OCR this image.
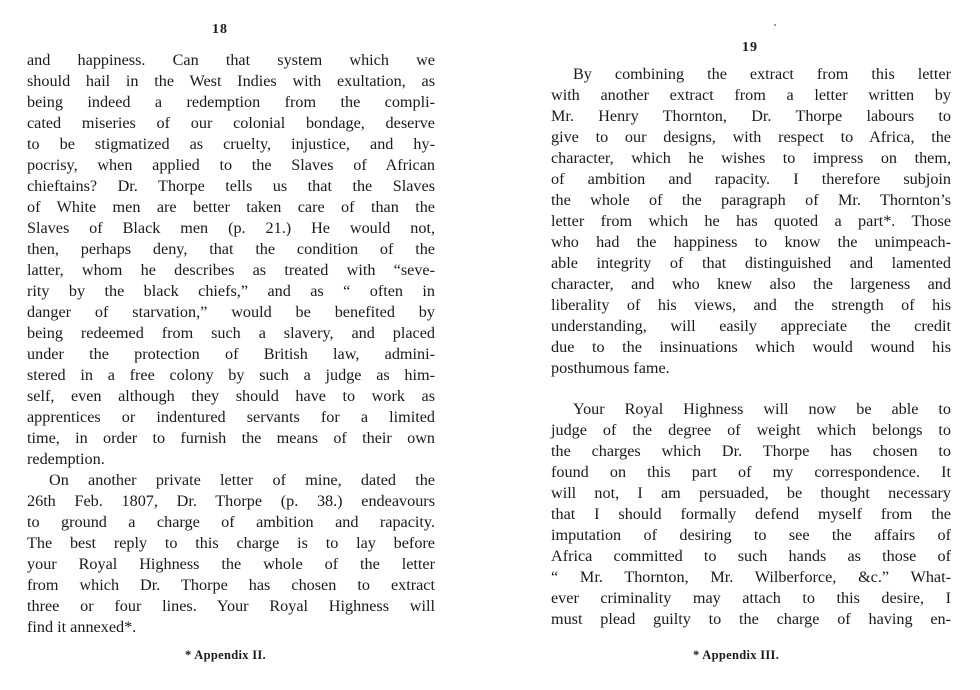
18
and happiness. Can that system which we
should hail in the West Indies with exultation, as
being indeed a redemption from the compli-
cated miseries of our colonial bondage, deserve
to be stigmatized as cruelty, injustice, and hy-
pocrisy, when applied to the Slaves of African
chieftains? Dr. Thorpe tells us that the Slaves
of White men are better taken care of than the
Slaves of Black men (p. 21.) He would not,
then, perhaps deny, that the condition of the
latter, whom he describes as treated with “sеve-
rity by the black chiefs,” and as “ often in
danger of starvation,” would be benefited by
being redeemed from such a slavery, and placed
under the protection of British law, admini-
stered in a free colony by such a judge as him-
self, even although they should have to work as
apprentices or indentured servants for a limited
time, in order to furnish the means of their own
redemption.
On another private letter of mine, dated the
26th Feb. 1807, Dr. Thorpe (p. 38.) endeavours
to ground a charge of ambition and rapacity.
The best reply to this charge is to lay before
your Royal Highness the whole of the letter
from which Dr. Thorpe has chosen to extract
three or four lines. Your Royal Highness will
find it annexed*.
* Appendix II.
19
By combining the extract from this letter
with another extract from a letter written by
Mr. Henry Thornton, Dr. Thorpe labours to
give to our designs, with respect to Africa, the
character, which he wishes to impress on them,
of ambition and rapacity. I therefore subjoin
the whole of the paragraph of Mr. Thornton’s
letter from which he has quoted a part*. Those
who had the happiness to know the unimpeach-
able integrity of that distinguished and lamented
character, and who knew also the largeness and
liberality of his views, and the strength of his
understanding, will easily appreciate the credit
due to the insinuations which would wound his
posthumous fame.
Your Royal Highness will now be able to
judge of the degree of weight which belongs to
the charges which Dr. Thorpe has chosen to
found on this part of my correspondence. It
will not, I am persuaded, be thought necessary
that I should formally defend myself from the
imputation of desiring to see the affairs of
Africa committed to such hands as those of
“ Mr. Thornton, Mr. Wilberforce, &c.” What-
ever criminality may attach to this desire, I
must plead guilty to the charge of having en-
* Appendix III.
